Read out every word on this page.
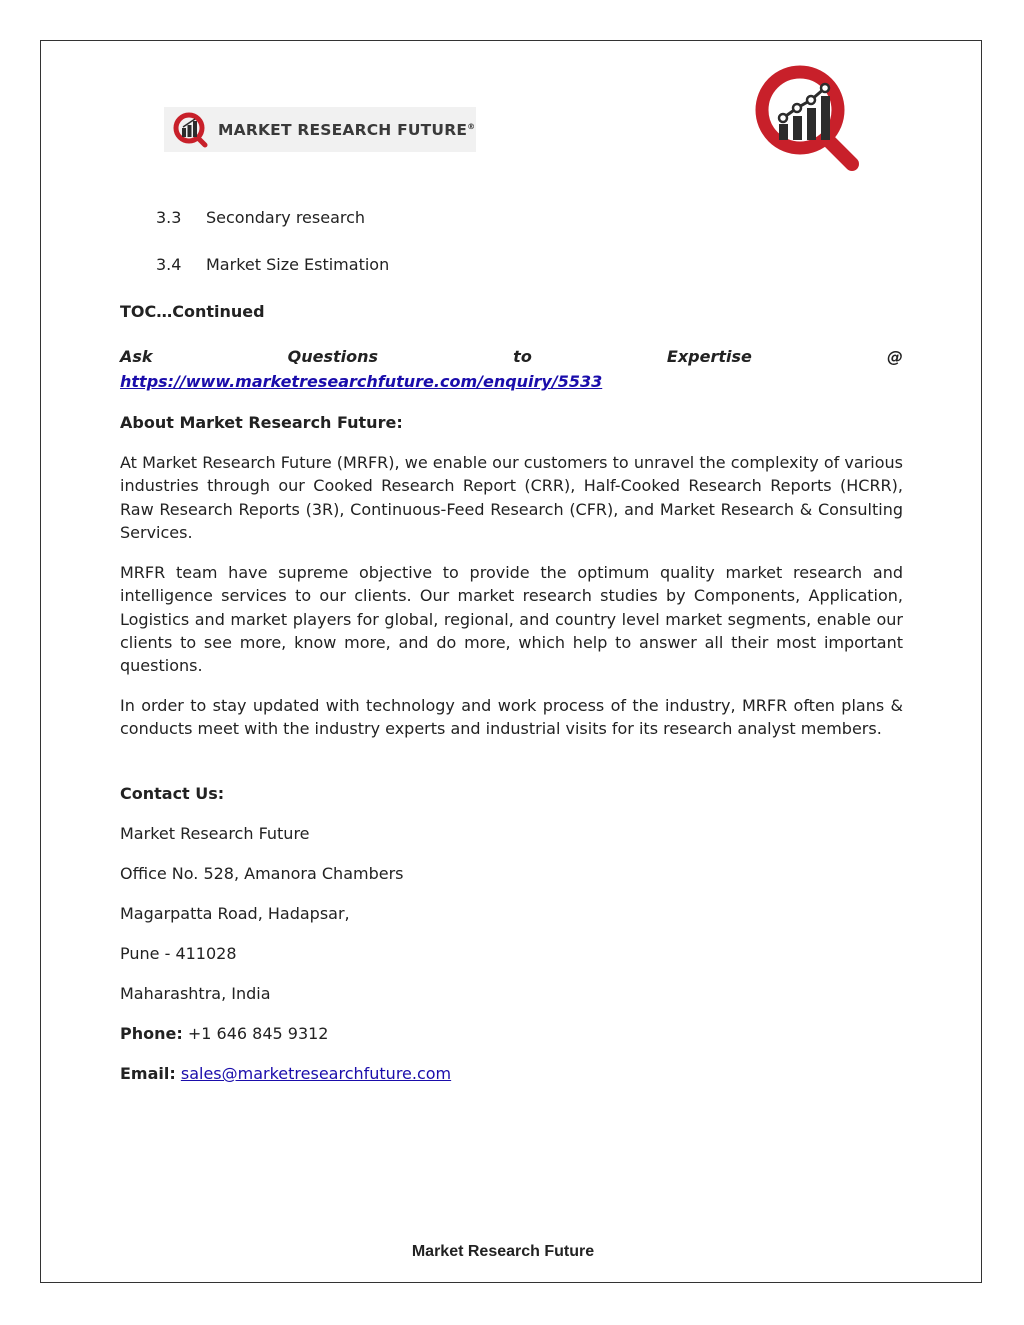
MARKET RESEARCH FUTURE®
3.3 Secondary research
3.4 Market Size Estimation
TOC…Continued
Ask	Questions	to	Expertise	@
https://www.marketresearchfuture.com/enquiry/5533
About Market Research Future:

At Market Research Future (MRFR), we enable our customers to unravel the complexity of various industries through our Cooked Research Report (CRR), Half-Cooked Research Reports (HCRR), Raw Research Reports (3R), Continuous-Feed Research (CFR), and Market Research & Consulting Services.

MRFR team have supreme objective to provide the optimum quality market research and intelligence services to our clients. Our market research studies by Components, Application, Logistics and market players for global, regional, and country level market segments, enable our clients to see more, know more, and do more, which help to answer all their most important questions.

In order to stay updated with technology and work process of the industry, MRFR often plans & conducts meet with the industry experts and industrial visits for its research analyst members.

Contact Us:
Market Research Future
Office No. 528, Amanora Chambers
Magarpatta Road, Hadapsar,
Pune - 411028
Maharashtra, India
Phone: +1 646 845 9312
Email: sales@marketresearchfuture.com
Market Research Future
